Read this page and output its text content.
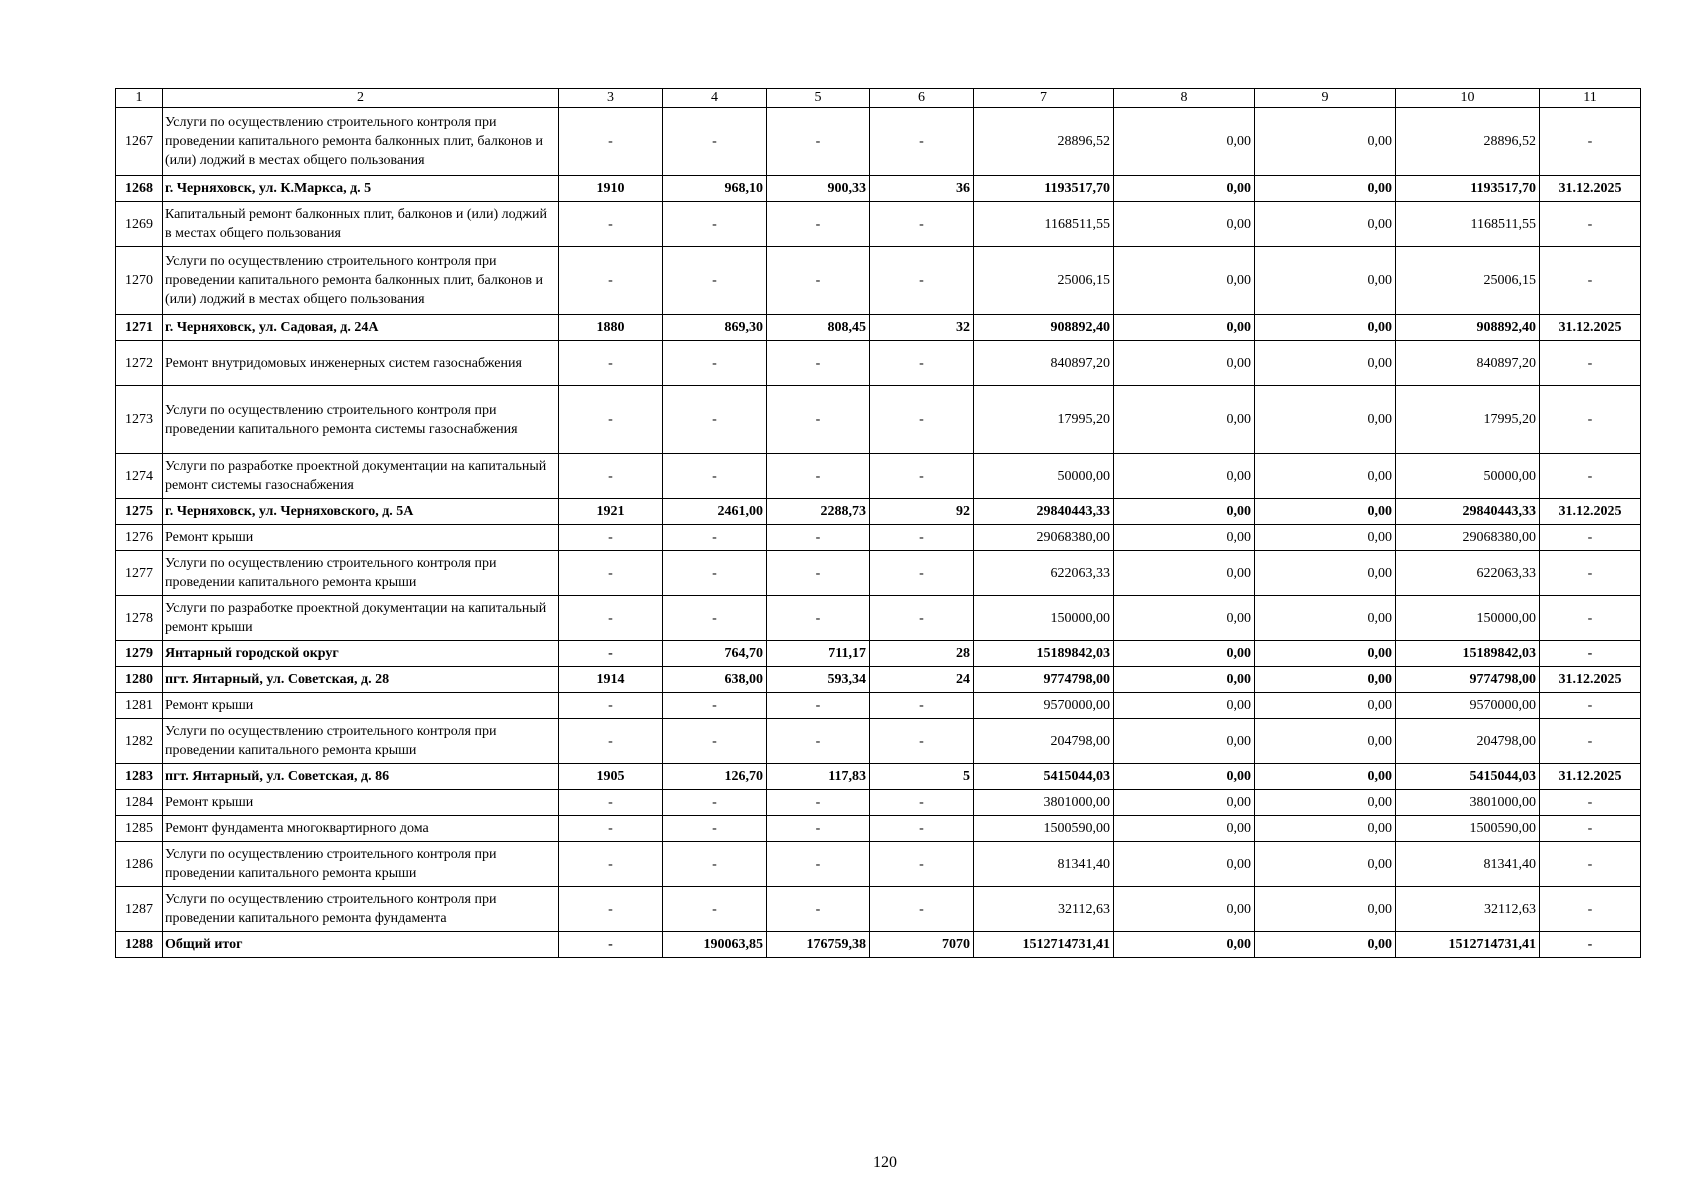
1	2	3	4	5	6	7	8	9	10	11
1267	Услуги по осуществлению строительного контроля при проведении капитального ремонта балконных плит, балконов и (или) лоджий в местах общего пользования	-	-	-	-	28896,52	0,00	0,00	28896,52	-
1268	г. Черняховск, ул. К.Маркса, д. 5	1910	968,10	900,33	36	1193517,70	0,00	0,00	1193517,70	31.12.2025
1269	Капитальный ремонт балконных плит, балконов и (или) лоджий в местах общего пользования	-	-	-	-	1168511,55	0,00	0,00	1168511,55	-
1270	Услуги по осуществлению строительного контроля при проведении капитального ремонта балконных плит, балконов и (или) лоджий в местах общего пользования	-	-	-	-	25006,15	0,00	0,00	25006,15	-
1271	г. Черняховск, ул. Садовая, д. 24А	1880	869,30	808,45	32	908892,40	0,00	0,00	908892,40	31.12.2025
1272	Ремонт внутридомовых инженерных систем газоснабжения	-	-	-	-	840897,20	0,00	0,00	840897,20	-
1273	Услуги по осуществлению строительного контроля при проведении капитального ремонта системы газоснабжения	-	-	-	-	17995,20	0,00	0,00	17995,20	-
1274	Услуги по разработке проектной документации на капитальный ремонт системы газоснабжения	-	-	-	-	50000,00	0,00	0,00	50000,00	-
1275	г. Черняховск, ул. Черняховского, д. 5А	1921	2461,00	2288,73	92	29840443,33	0,00	0,00	29840443,33	31.12.2025
1276	Ремонт крыши	-	-	-	-	29068380,00	0,00	0,00	29068380,00	-
1277	Услуги по осуществлению строительного контроля при проведении капитального ремонта крыши	-	-	-	-	622063,33	0,00	0,00	622063,33	-
1278	Услуги по разработке проектной документации на капитальный ремонт крыши	-	-	-	-	150000,00	0,00	0,00	150000,00	-
1279	Янтарный городской округ	-	764,70	711,17	28	15189842,03	0,00	0,00	15189842,03	-
1280	пгт. Янтарный, ул. Советская, д. 28	1914	638,00	593,34	24	9774798,00	0,00	0,00	9774798,00	31.12.2025
1281	Ремонт крыши	-	-	-	-	9570000,00	0,00	0,00	9570000,00	-
1282	Услуги по осуществлению строительного контроля при проведении капитального ремонта крыши	-	-	-	-	204798,00	0,00	0,00	204798,00	-
1283	пгт. Янтарный, ул. Советская, д. 86	1905	126,70	117,83	5	5415044,03	0,00	0,00	5415044,03	31.12.2025
1284	Ремонт крыши	-	-	-	-	3801000,00	0,00	0,00	3801000,00	-
1285	Ремонт фундамента многоквартирного дома	-	-	-	-	1500590,00	0,00	0,00	1500590,00	-
1286	Услуги по осуществлению строительного контроля при проведении капитального ремонта крыши	-	-	-	-	81341,40	0,00	0,00	81341,40	-
1287	Услуги по осуществлению строительного контроля при проведении капитального ремонта фундамента	-	-	-	-	32112,63	0,00	0,00	32112,63	-
1288	Общий итог	-	190063,85	176759,38	7070	1512714731,41	0,00	0,00	1512714731,41	-
120
